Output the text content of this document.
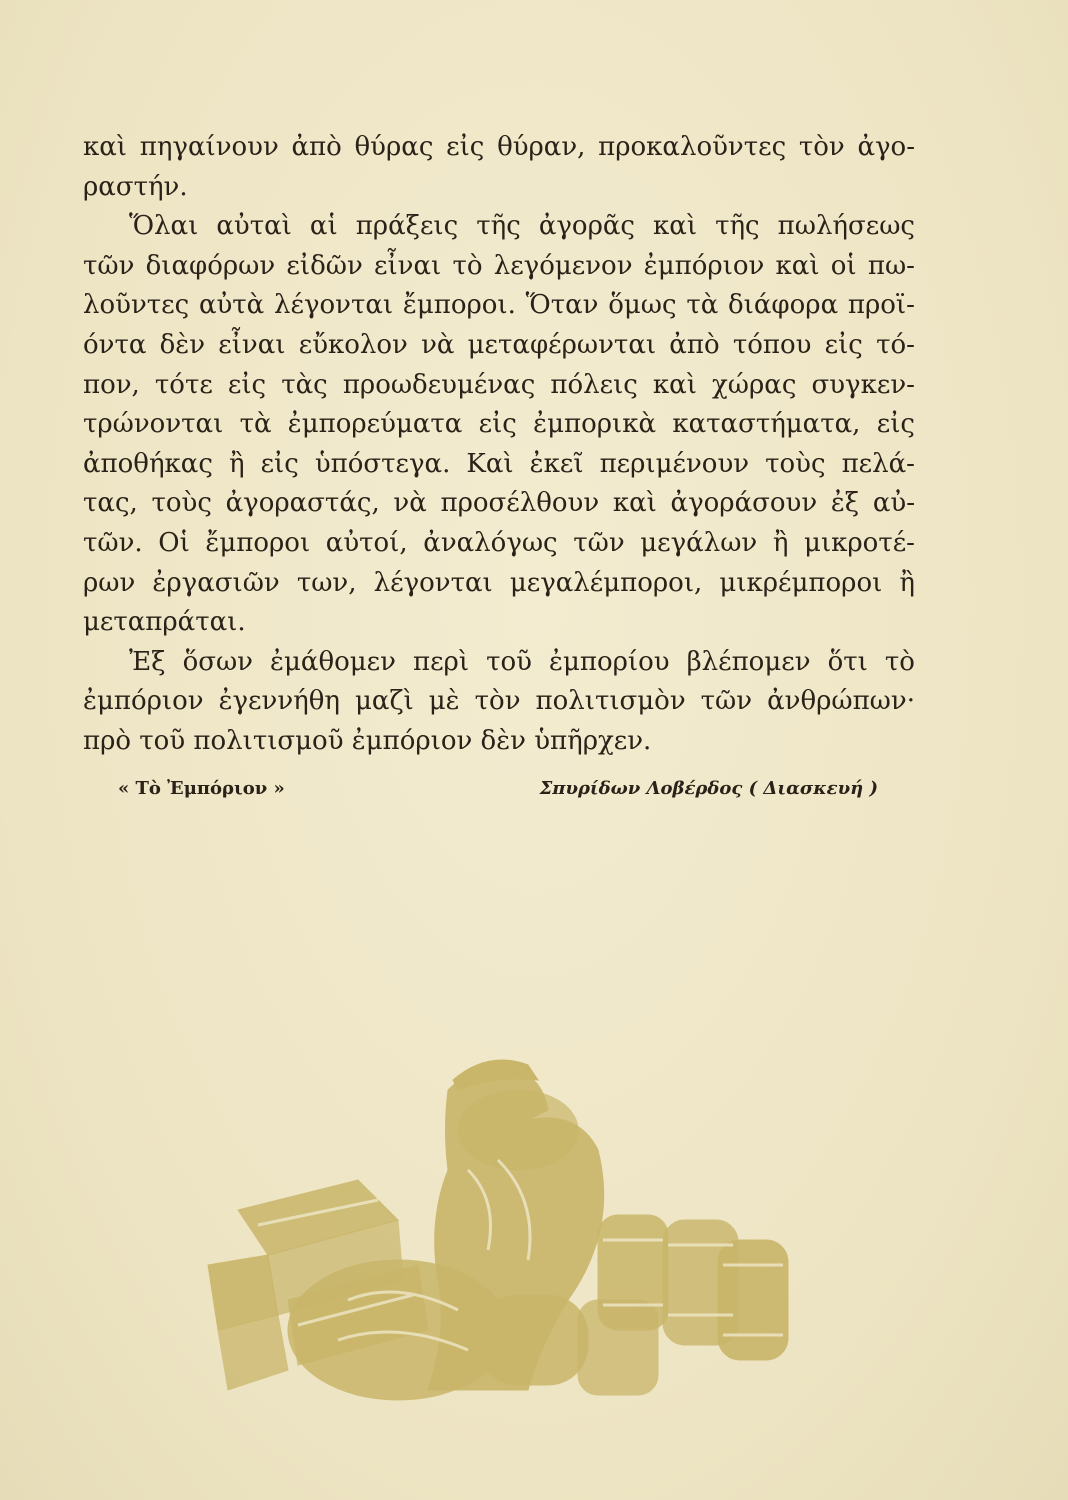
καὶ πηγαίνουν ἀπὸ θύρας εἰς θύραν, προκαλοῦντες τὸν ἀγο-
ραστήν.
Ὅλαι αὐταὶ αἱ πράξεις τῆς ἀγορᾶς καὶ τῆς πωλήσεως
τῶν διαφόρων εἰδῶν εἶναι τὸ λεγόμενον ἐμπόριον καὶ οἱ πω-
λοῦντες αὐτὰ λέγονται ἔμποροι. Ὅταν ὅμως τὰ διάφορα προϊ-
όντα δὲν εἶναι εὔκολον νὰ μεταφέρωνται ἀπὸ τόπου εἰς τό-
πον, τότε εἰς τὰς προωδευμένας πόλεις καὶ χώρας συγκεν-
τρώνονται τὰ ἐμπορεύματα εἰς ἐμπορικὰ καταστήματα, εἰς
ἀποθήκας ἢ εἰς ὑπόστεγα. Καὶ ἐκεῖ περιμένουν τοὺς πελά-
τας, τοὺς ἀγοραστάς, νὰ προσέλθουν καὶ ἀγοράσουν ἐξ αὐ-
τῶν. Οἱ ἔμποροι αὐτοί, ἀναλόγως τῶν μεγάλων ἢ μικροτέ-
ρων ἐργασιῶν των, λέγονται μεγαλέμποροι, μικρέμποροι ἢ
μεταπράται.
Ἐξ ὅσων ἐμάθομεν περὶ τοῦ ἐμπορίου βλέπομεν ὅτι τὸ
ἐμπόριον ἐγεννήθη μαζὶ μὲ τὸν πολιτισμὸν τῶν ἀνθρώπων·
πρὸ τοῦ πολιτισμοῦ ἐμπόριον δὲν ὑπῆρχεν.
« Τὸ Ἐμπόριον »	Σπυρίδων Λοβέρδος ( Διασκευή )
